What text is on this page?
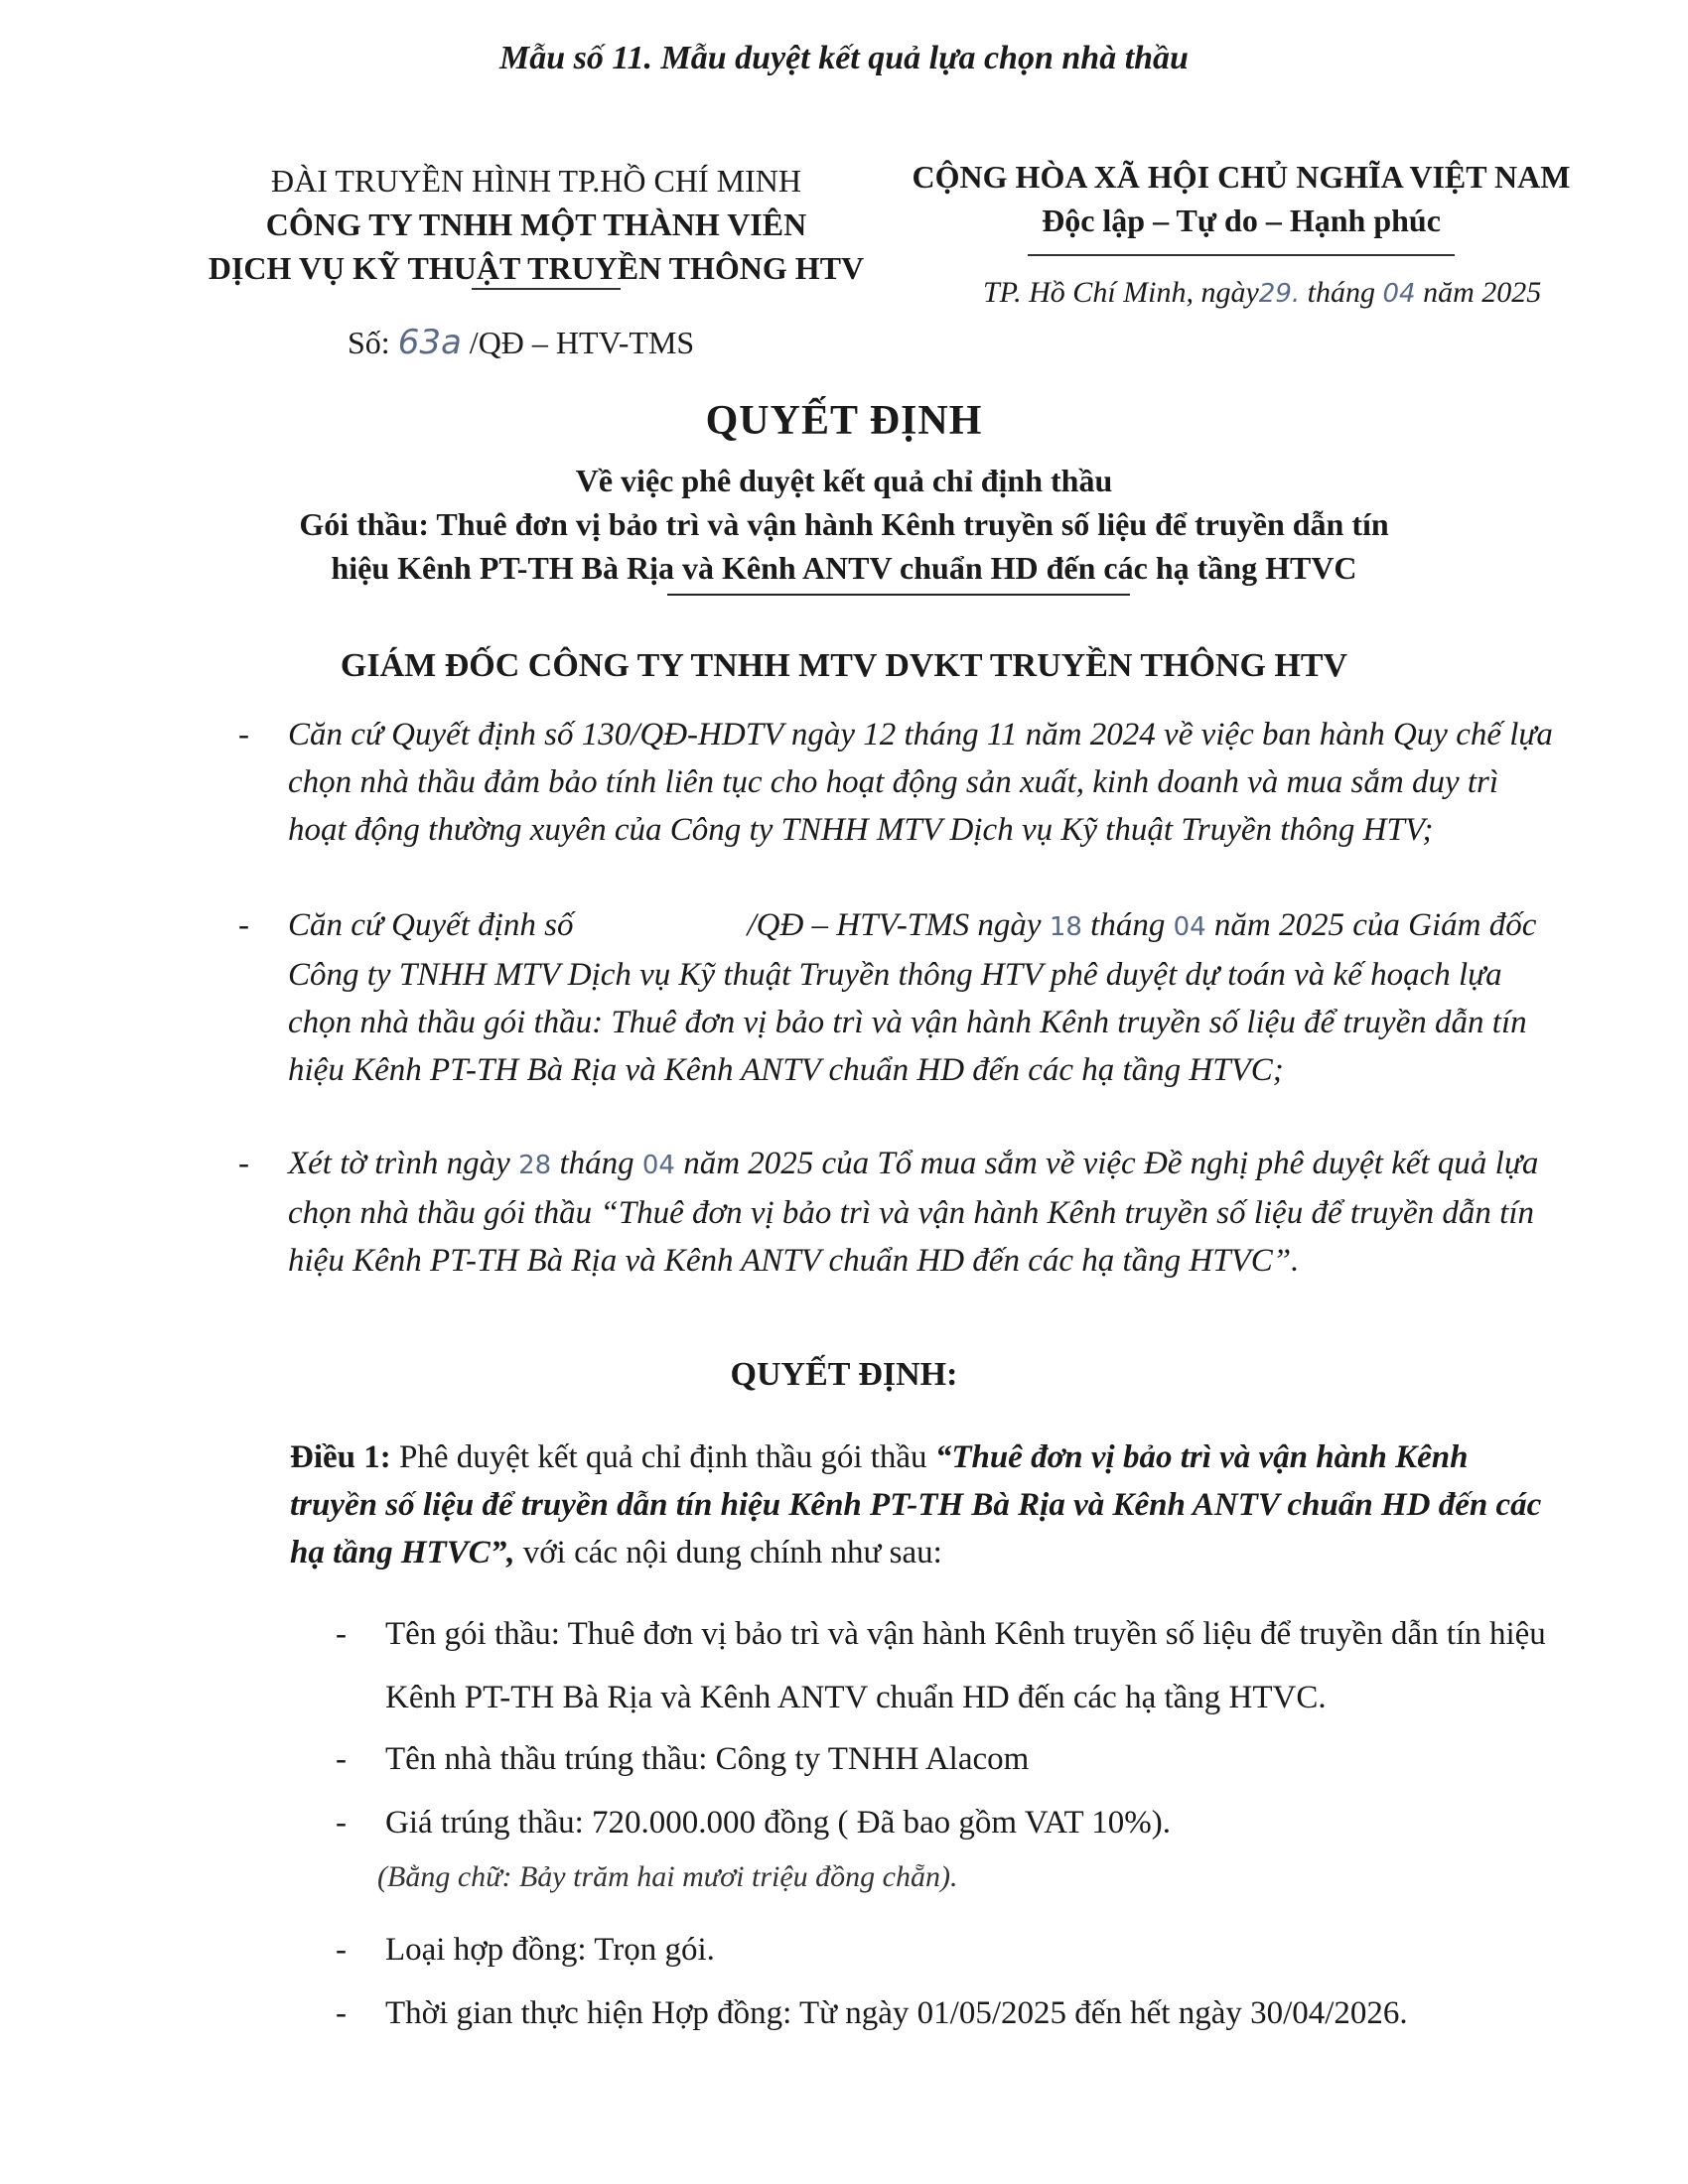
Mẫu số 11. Mẫu duyệt kết quả lựa chọn nhà thầu
ĐÀI TRUYỀN HÌNH TP.HỒ CHÍ MINH
CÔNG TY TNHH MỘT THÀNH VIÊN
DỊCH VỤ KỸ THUẬT TRUYỀN THÔNG HTV
Số: 63a /QĐ – HTV-TMS
CỘNG HÒA XÃ HỘI CHỦ NGHĨA VIỆT NAM
Độc lập – Tự do – Hạnh phúc
TP. Hồ Chí Minh, ngày29. tháng 04 năm 2025
QUYẾT ĐỊNH
Về việc phê duyệt kết quả chỉ định thầu
Gói thầu: Thuê đơn vị bảo trì và vận hành Kênh truyền số liệu để truyền dẫn tín
hiệu Kênh PT-TH Bà Rịa và Kênh ANTV chuẩn HD đến các hạ tầng HTVC
GIÁM ĐỐC CÔNG TY TNHH MTV DVKT TRUYỀN THÔNG HTV
- Căn cứ Quyết định số 130/QĐ-HDTV ngày 12 tháng 11 năm 2024 về việc ban hành Quy chế lựa chọn nhà thầu đảm bảo tính liên tục cho hoạt động sản xuất, kinh doanh và mua sắm duy trì hoạt động thường xuyên của Công ty TNHH MTV Dịch vụ Kỹ thuật Truyền thông HTV;
- Căn cứ Quyết định số	/QĐ – HTV-TMS ngày 18 tháng 04 năm 2025 của Giám đốc Công ty TNHH MTV Dịch vụ Kỹ thuật Truyền thông HTV phê duyệt dự toán và kế hoạch lựa chọn nhà thầu gói thầu: Thuê đơn vị bảo trì và vận hành Kênh truyền số liệu để truyền dẫn tín hiệu Kênh PT-TH Bà Rịa và Kênh ANTV chuẩn HD đến các hạ tầng HTVC;
- Xét tờ trình ngày 28 tháng 04 năm 2025 của Tổ mua sắm về việc Đề nghị phê duyệt kết quả lựa chọn nhà thầu gói thầu “Thuê đơn vị bảo trì và vận hành Kênh truyền số liệu để truyền dẫn tín hiệu Kênh PT-TH Bà Rịa và Kênh ANTV chuẩn HD đến các hạ tầng HTVC”.
QUYẾT ĐỊNH:
Điều 1: Phê duyệt kết quả chỉ định thầu gói thầu “Thuê đơn vị bảo trì và vận hành Kênh truyền số liệu để truyền dẫn tín hiệu Kênh PT-TH Bà Rịa và Kênh ANTV chuẩn HD đến các hạ tầng HTVC”, với các nội dung chính như sau:
- Tên gói thầu: Thuê đơn vị bảo trì và vận hành Kênh truyền số liệu để truyền dẫn tín hiệu Kênh PT-TH Bà Rịa và Kênh ANTV chuẩn HD đến các hạ tầng HTVC.
- Tên nhà thầu trúng thầu: Công ty TNHH Alacom
- Giá trúng thầu: 720.000.000 đồng ( Đã bao gồm VAT 10%).
(Bằng chữ: Bảy trăm hai mươi triệu đồng chẵn).
- Loại hợp đồng: Trọn gói.
- Thời gian thực hiện Hợp đồng: Từ ngày 01/05/2025 đến hết ngày 30/04/2026.
